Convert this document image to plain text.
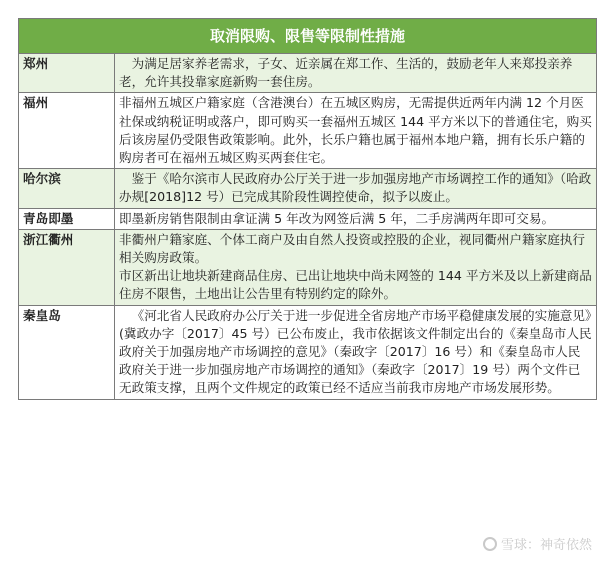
取消限购、限售等限制性措施	
郑州	为满足居家养老需求，子女、近亲属在郑工作、生活的，鼓励老年人来郑投亲养老，允许其投靠家庭新购一套住房。

福州	非福州五城区户籍家庭（含港澳台）在五城区购房，无需提供近两年内满 12 个月医社保或纳税证明或落户，即可购买一套福州五城区 144 平方米以下的普通住宅，购买后该房屋仍受限售政策影响。此外，长乐户籍也属于福州本地户籍，拥有长乐户籍的购房者可在福州五城区购买两套住宅。

哈尔滨	鉴于《哈尔滨市人民政府办公厅关于进一步加强房地产市场调控工作的通知》（哈政办规[2018]12 号）已完成其阶段性调控使命，拟予以废止。

青岛即墨	即墨新房销售限制由拿证满 5 年改为网签后满 5 年，二手房满两年即可交易。

浙江衢州	非衢州户籍家庭、个体工商户及由自然人投资或控股的企业，视同衢州户籍家庭执行相关购房政策。

市区新出让地块新建商品住房、已出让地块中尚未网签的 144 平方米及以上新建商品住房不限售，土地出让公告里有特别约定的除外。

秦皇岛	《河北省人民政府办公厅关于进一步促进全省房地产市场平稳健康发展的实施意见》(冀政办字〔2017〕45 号）已公布废止，我市依据该文件制定出台的《秦皇岛市人民政府关于加强房地产市场调控的意见》（秦政字〔2017〕16 号）和《秦皇岛市人民政府关于进一步加强房地产市场调控的通知》（秦政字〔2017〕19 号）两个文件已无政策支撑，且两个文件规定的政策已经不适应当前我市房地产市场发展形势。

雪球：神奇依然
